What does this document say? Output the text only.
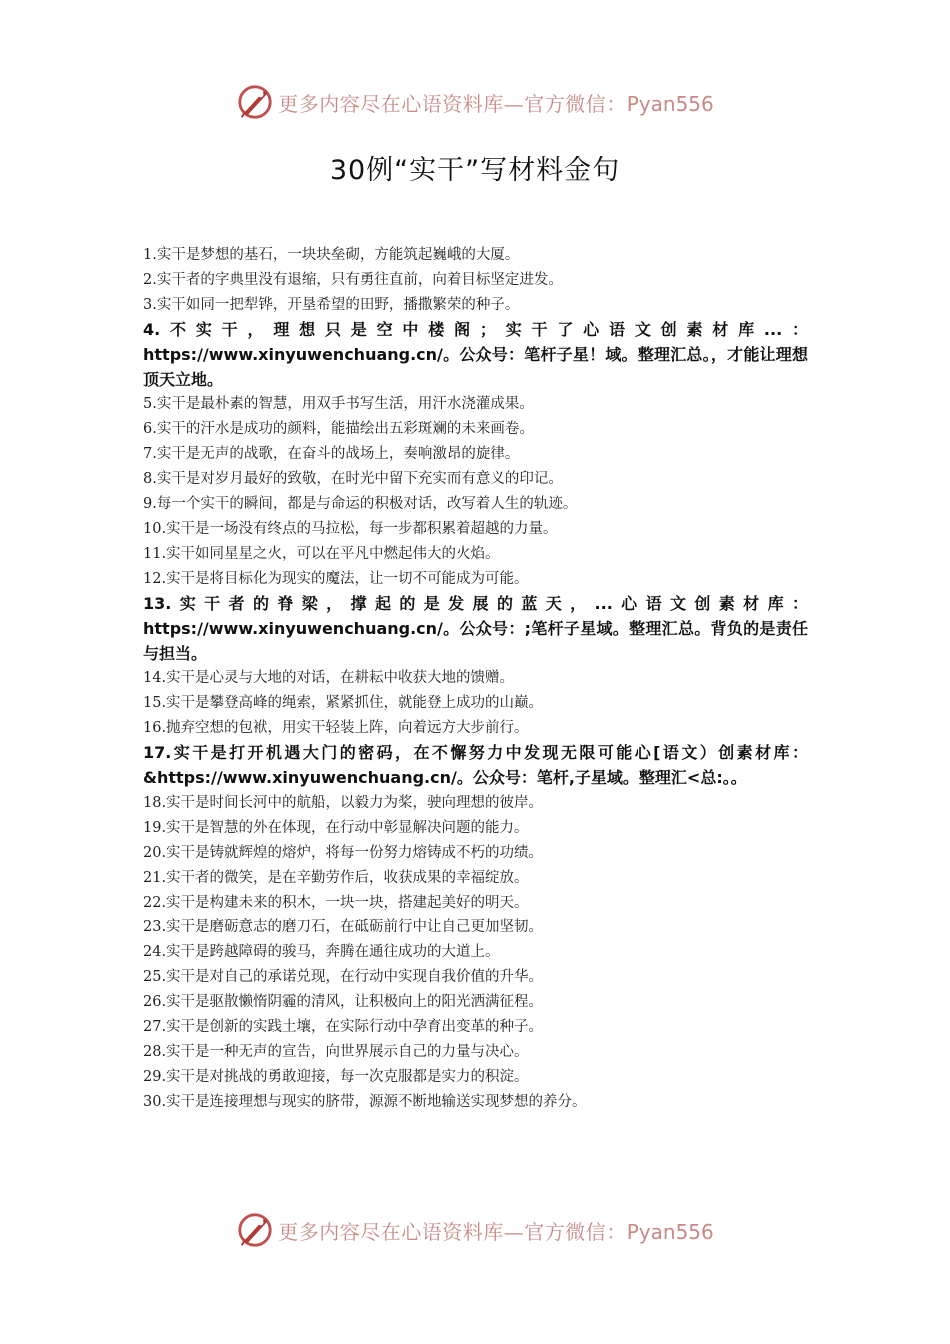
更多内容尽在心语资料库—官方微信：Pyan556
30例“实干”写材料金句
1.实干是梦想的基石，一块块垒砌，方能筑起巍峨的大厦。
2.实干者的字典里没有退缩，只有勇往直前，向着目标坚定进发。
3.实干如同一把犁铧，开垦希望的田野，播撒繁荣的种子。
4.不实干，理想只是空中楼阁；实干了心语文创素材库...：https://www.xinyuwenchuang.cn/。公众号：笔杆子星！域。整理汇总。，才能让理想顶天立地。
5.实干是最朴素的智慧，用双手书写生活，用汗水浇灌成果。
6.实干的汗水是成功的颜料，能描绘出五彩斑斓的未来画卷。
7.实干是无声的战歌，在奋斗的战场上，奏响激昂的旋律。
8.实干是对岁月最好的致敬，在时光中留下充实而有意义的印记。
9.每一个实干的瞬间，都是与命运的积极对话，改写着人生的轨迹。
10.实干是一场没有终点的马拉松，每一步都积累着超越的力量。
11.实干如同星星之火，可以在平凡中燃起伟大的火焰。
12.实干是将目标化为现实的魔法，让一切不可能成为可能。
13.实干者的脊梁，撑起的是发展的蓝天，...心语文创素材库：https://www.xinyuwenchuang.cn/。公众号：;笔杆子星域。整理汇总。背负的是责任与担当。
14.实干是心灵与大地的对话，在耕耘中收获大地的馈赠。
15.实干是攀登高峰的绳索，紧紧抓住，就能登上成功的山巅。
16.抛弃空想的包袱，用实干轻装上阵，向着远方大步前行。
17.实干是打开机遇大门的密码，在不懈努力中发现无限可能心[语文）创素材库：&https://www.xinyuwenchuang.cn/。公众号：笔杆,子星域。整理汇<总:。。
18.实干是时间长河中的航船，以毅力为桨，驶向理想的彼岸。
19.实干是智慧的外在体现，在行动中彰显解决问题的能力。
20.实干是铸就辉煌的熔炉，将每一份努力熔铸成不朽的功绩。
21.实干者的微笑，是在辛勤劳作后，收获成果的幸福绽放。
22.实干是构建未来的积木，一块一块，搭建起美好的明天。
23.实干是磨砺意志的磨刀石，在砥砺前行中让自己更加坚韧。
24.实干是跨越障碍的骏马，奔腾在通往成功的大道上。
25.实干是对自己的承诺兑现，在行动中实现自我价值的升华。
26.实干是驱散懒惰阴霾的清风，让积极向上的阳光洒满征程。
27.实干是创新的实践土壤，在实际行动中孕育出变革的种子。
28.实干是一种无声的宣告，向世界展示自己的力量与决心。
29.实干是对挑战的勇敢迎接，每一次克服都是实力的积淀。
30.实干是连接理想与现实的脐带，源源不断地输送实现梦想的养分。
更多内容尽在心语资料库—官方微信：Pyan556
